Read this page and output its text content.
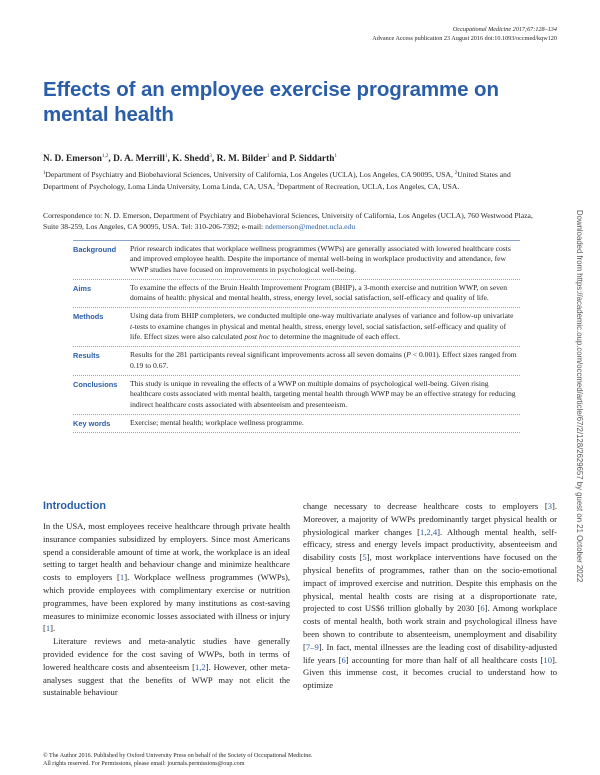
Occupational Medicine 2017;67:128–134
Advance Access publication 23 August 2016 doi:10.1093/occmed/kqw120
Effects of an employee exercise programme on mental health
N. D. Emerson$^{1,2}$, D. A. Merrill$^1$, K. Shedd$^3$, R. M. Bilder$^1$ and P. Siddarth$^1$
$^1$Department of Psychiatry and Biobehavioral Sciences, University of California, Los Angeles (UCLA), Los Angeles, CA 90095, USA, $^2$United States and Department of Psychology, Loma Linda University, Loma Linda, CA, USA, $^3$Department of Recreation, UCLA, Los Angeles, CA, USA.
Correspondence to: N. D. Emerson, Department of Psychiatry and Biobehavioral Sciences, University of California, Los Angeles (UCLA), 760 Westwood Plaza, Suite 38-259, Los Angeles, CA 90095, USA. Tel: 310-206-7392; e-mail: ndemerson@mednet.ucla.edu
Background	Prior research indicates that workplace wellness programmes (WWPs) are generally associated with lowered healthcare costs and improved employee health. Despite the importance of mental well-being in workplace productivity and attendance, few WWP studies have focused on improvements in psychological well-being.
Aims	To examine the effects of the Bruin Health Improvement Program (BHIP), a 3-month exercise and nutrition WWP, on seven domains of health: physical and mental health, stress, energy level, social satisfaction, self-efficacy and quality of life.
Methods	Using data from BHIP completers, we conducted multiple one-way multivariate analyses of variance and follow-up univariate t-tests to examine changes in physical and mental health, stress, energy level, social satisfaction, self-efficacy and quality of life. Effect sizes were also calculated post hoc to determine the magnitude of each effect.
Results	Results for the 281 participants reveal significant improvements across all seven domains (P < 0.001). Effect sizes ranged from 0.19 to 0.67.
Conclusions	This study is unique in revealing the effects of a WWP on multiple domains of psychological well-being. Given rising healthcare costs associated with mental health, targeting mental health through WWP may be an effective strategy for reducing indirect healthcare costs associated with absenteeism and presenteeism.
Key words	Exercise; mental health; workplace wellness programme.
Introduction

In the USA, most employees receive healthcare through private health insurance companies subsidized by employers. Since most Americans spend a considerable amount of time at work, the workplace is an ideal setting to target health and behaviour change and minimize healthcare costs to employers [1]. Workplace wellness programmes (WWPs), which provide employees with complimentary exercise or nutrition programmes, have been explored by many institutions as cost-saving measures to minimize economic losses associated with illness or injury [1].

Literature reviews and meta-analytic studies have generally provided evidence for the cost saving of WWPs, both in terms of lowered healthcare costs and absenteeism [1,2]. However, other meta-analyses suggest that the benefits of WWP may not elicit the sustainable behaviour

change necessary to decrease healthcare costs to employers [3]. Moreover, a majority of WWPs predominantly target physical health or physiological marker changes [1,2,4]. Although mental health, self-efficacy, stress and energy levels impact productivity, absenteeism and disability costs [5], most workplace interventions have focused on the physical benefits of programmes, rather than on the socio-emotional impact of improved exercise and nutrition. Despite this emphasis on the physical, mental health costs are rising at a disproportionate rate, projected to cost US$6 trillion globally by 2030 [6]. Among workplace costs of mental health, both work strain and psychological illness have been shown to contribute to absenteeism, unemployment and disability [7–9]. In fact, mental illnesses are the leading cost of disability-adjusted life years [6] accounting for more than half of all healthcare costs [10]. Given this immense cost, it becomes crucial to understand how to optimize

© The Author 2016. Published by Oxford University Press on behalf of the Society of Occupational Medicine.
All rights reserved. For Permissions, please email: journals.permissions@oup.com
Downloaded from https://academic.oup.com/occmed/article/67/2/128/2629657 by guest on 21 October 2022
